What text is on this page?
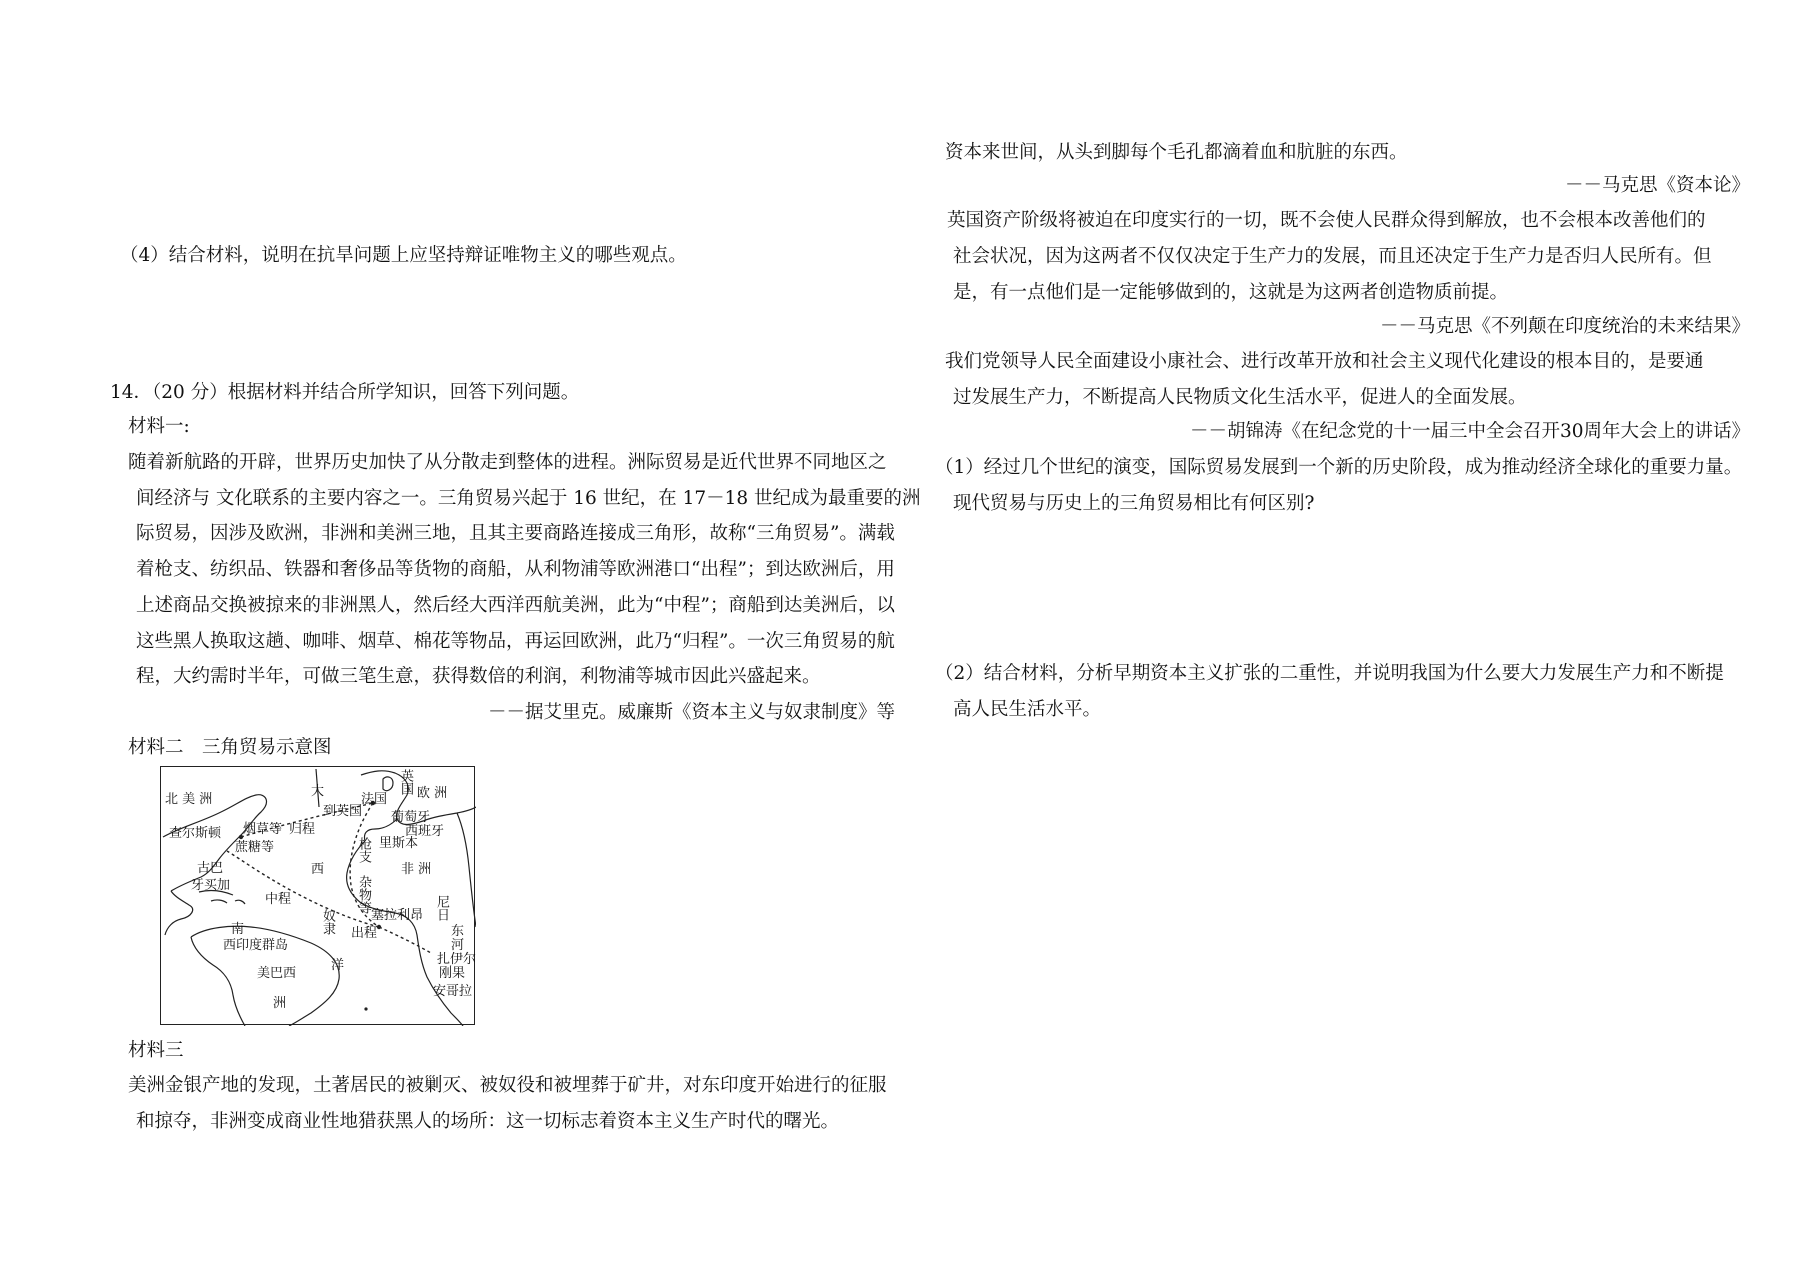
（4）结合材料，说明在抗旱问题上应坚持辩证唯物主义的哪些观点。
14．（20 分）根据材料并结合所学知识，回答下列问题。
材料一:
随着新航路的开辟，世界历史加快了从分散走到整体的进程。洲际贸易是近代世界不同地区之
间经济与 文化联系的主要内容之一。三角贸易兴起于 16 世纪，在 17－18 世纪成为最重要的洲
际贸易，因涉及欧洲，非洲和美洲三地，且其主要商路连接成三角形，故称“三角贸易”。满载
着枪支、纺织品、铁器和奢侈品等货物的商船，从利物浦等欧洲港口“出程”；到达欧洲后，用
上述商品交换被掠来的非洲黑人，然后经大西洋西航美洲，此为“中程”；商船到达美洲后，以
这些黑人换取这趟、咖啡、烟草、棉花等物品，再运回欧洲，此乃“归程”。一次三角贸易的航
程，大约需时半年，可做三笔生意，获得数倍的利润，利物浦等城市因此兴盛起来。
－－据艾里克。威廉斯《资本主义与奴隶制度》等
材料二　三角贸易示意图
北 美 洲
大
查尔斯顿 烟草等 归程
蔗糖等
古巴
牙买加
到英国
法国
英国 欧 洲
葡萄牙
西班牙
里斯本
枪支
杂物等
西	非 洲
中程
奴隶 出程
塞拉利昂 尼日
东
河
扎伊尔
刚果
安哥拉
南
西印度群岛
洋
美巴西
洲
材料三
美洲金银产地的发现，土著居民的被剿灭、被奴役和被埋葬于矿井，对东印度开始进行的征服
和掠夺，非洲变成商业性地猎获黑人的场所：这一切标志着资本主义生产时代的曙光。
资本来世间，从头到脚每个毛孔都滴着血和肮脏的东西。
－－马克思《资本论》
英国资产阶级将被迫在印度实行的一切，既不会使人民群众得到解放，也不会根本改善他们的
社会状况，因为这两者不仅仅决定于生产力的发展，而且还决定于生产力是否归人民所有。但
是，有一点他们是一定能够做到的，这就是为这两者创造物质前提。
－－马克思《不列颠在印度统治的未来结果》
我们党领导人民全面建设小康社会、进行改革开放和社会主义现代化建设的根本目的，是要通
过发展生产力，不断提高人民物质文化生活水平，促进人的全面发展。
－－胡锦涛《在纪念党的十一届三中全会召开30周年大会上的讲话》
（1）经过几个世纪的演变，国际贸易发展到一个新的历史阶段，成为推动经济全球化的重要力量。
现代贸易与历史上的三角贸易相比有何区别?
（2）结合材料，分析早期资本主义扩张的二重性，并说明我国为什么要大力发展生产力和不断提
高人民生活水平。
